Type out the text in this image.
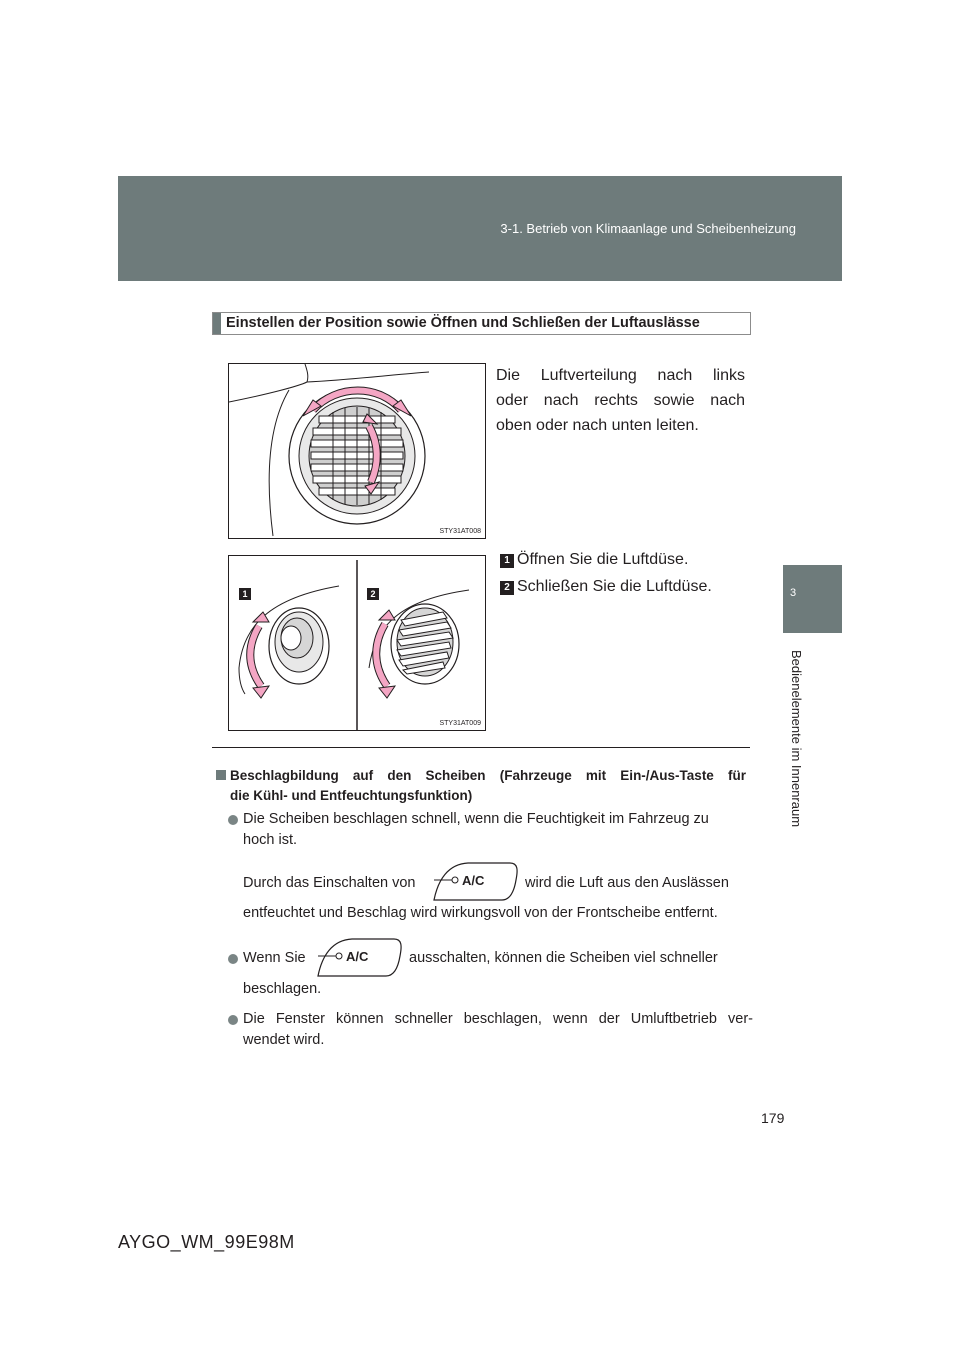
3-1. Betrieb von Klimaanlage und Scheibenheizung
3
Bedienelemente im Innenraum
Einstellen der Position sowie Öffnen und Schließen der Luftauslässe
STY31AT008
Die Luftverteilung nach links
oder nach rechts sowie nach
oben oder nach unten leiten.
1	2
STY31AT009
1 Öffnen Sie die Luftdüse.
2 Schließen Sie die Luftdüse.
Beschlagbildung auf den Scheiben (Fahrzeuge mit Ein-/Aus-Taste für
die Kühl- und Entfeuchtungsfunktion)
Die Scheiben beschlagen schnell, wenn die Feuchtigkeit im Fahrzeug zu
hoch ist.
Durch das Einschalten von	A/C	wird die Luft aus den Auslässen
entfeuchtet und Beschlag wird wirkungsvoll von der Frontscheibe entfernt.
Wenn Sie	A/C	ausschalten, können die Scheiben viel schneller
beschlagen.
Die Fenster können schneller beschlagen, wenn der Umluftbetrieb ver-
wendet wird.
179
AYGO_WM_99E98M
